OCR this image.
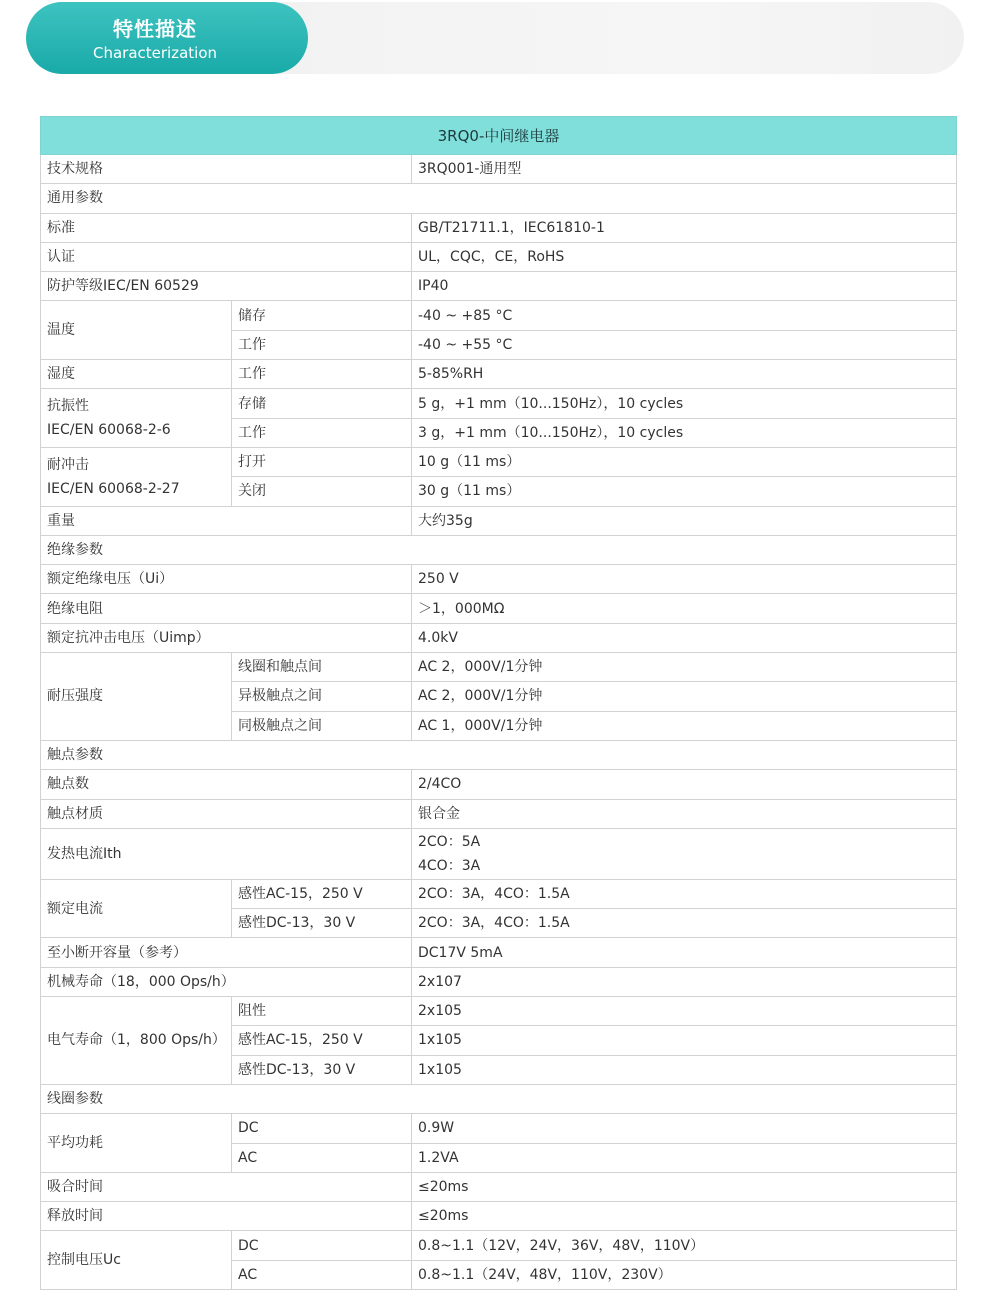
特性描述
Characterization
3RQ0-中间继电器		
技术规格		3RQ001-通用型
通用参数		
标准		GB/T21711.1，IEC61810-1
认证		UL，CQC，CE，RoHS
防护等级IEC/EN 60529		IP40
温度	储存	-40 ~ +85 °C
	工作	-40 ~ +55 °C
湿度	工作	5-85%RH

抗振性
IEC/EN 60068-2-6	存储	5 g，+1 mm（10...150Hz），10 cycles
	工作	3 g，+1 mm（10...150Hz），10 cycles

耐冲击
IEC/EN 60068-2-27	打开	10 g（11 ms）
	关闭	30 g（11 ms）
重量		大约35g
绝缘参数		
额定绝缘电压（Ui）		250 V
绝缘电阻		＞1，000MΩ
额定抗冲击电压（Uimp）		4.0kV
耐压强度	线圈和触点间	AC 2，000V/1分钟
	异极触点之间	AC 2，000V/1分钟
	同极触点之间	AC 1，000V/1分钟
触点参数		
触点数		2/4CO
触点材质		银合金
发热电流Ith		2CO：5A
4CO：3A

额定电流	感性AC-15，250 V	2CO：3A，4CO：1.5A
	感性DC-13，30 V	2CO：3A，4CO：1.5A
至小断开容量（参考）		DC17V 5mA
机械寿命（18，000 Ops/h）		2x107
电气寿命（1，800 Ops/h）	阻性	2x105
	感性AC-15，250 V	1x105
	感性DC-13，30 V	1x105
线圈参数		
平均功耗	DC	0.9W
	AC	1.2VA
吸合时间		≤20ms
释放时间		≤20ms
控制电压Uc	DC	0.8~1.1（12V，24V，36V，48V，110V）
	AC	0.8~1.1（24V，48V，110V，230V）
